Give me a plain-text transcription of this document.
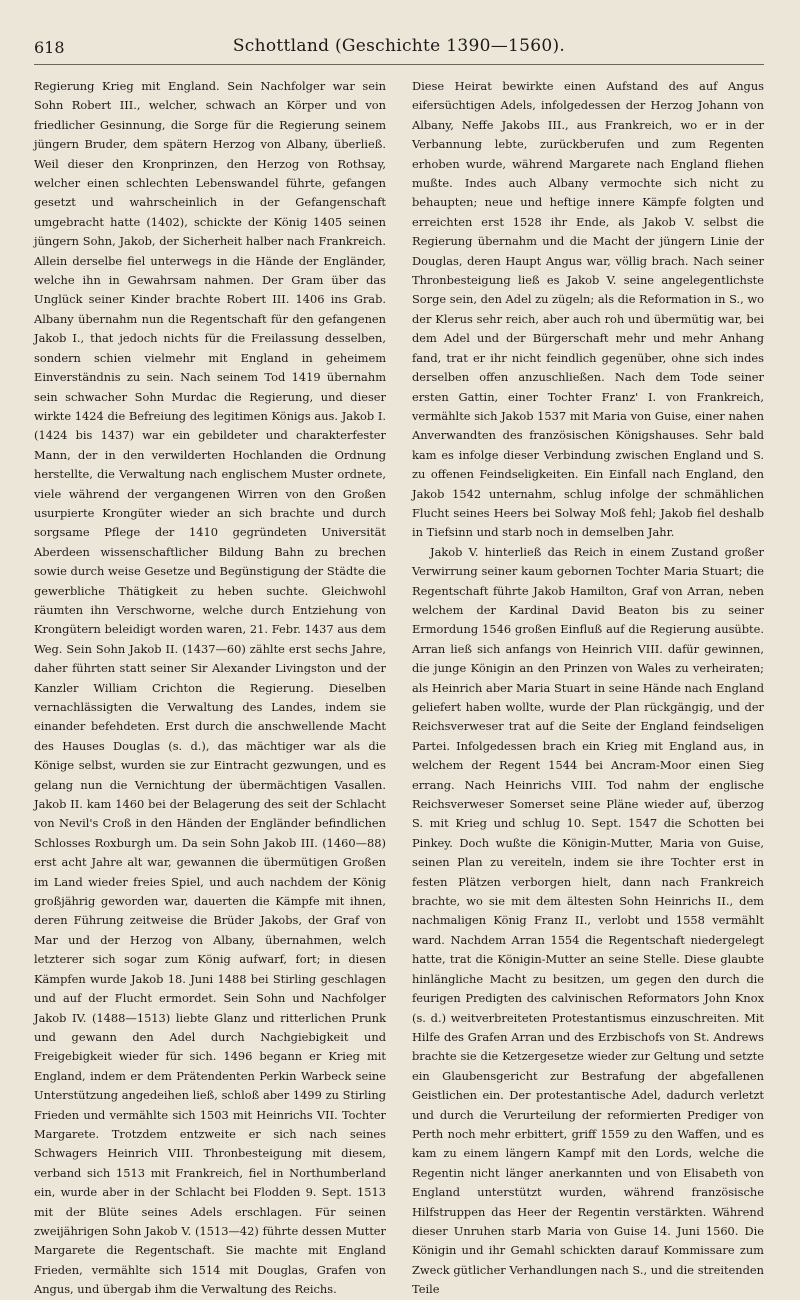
618	Schottland (Geschichte 1390—1560).

Regierung Krieg mit England. Sein Nachfolger war sein Sohn Robert III., welcher, schwach an Körper und von friedlicher Gesinnung, die Sorge für die Regierung seinem jüngern Bruder, dem spätern Herzog von Albany, überließ. Weil dieser den Kronprinzen, den Herzog von Rothsay, welcher einen schlechten Lebenswandel führte, gefangen gesetzt und wahrscheinlich in der Gefangenschaft umgebracht hatte (1402), schickte der König 1405 seinen jüngern Sohn, Jakob, der Sicherheit halber nach Frankreich. Allein derselbe fiel unterwegs in die Hände der Engländer, welche ihn in Gewahrsam nahmen. Der Gram über das Unglück seiner Kinder brachte Robert III. 1406 ins Grab. Albany übernahm nun die Regentschaft für den gefangenen Jakob I., that jedoch nichts für die Freilassung desselben, sondern schien vielmehr mit England in geheimem Einverständnis zu sein. Nach seinem Tod 1419 übernahm sein schwacher Sohn Murdac die Regierung, und dieser wirkte 1424 die Befreiung des legitimen Königs aus. Jakob I. (1424 bis 1437) war ein gebildeter und charakterfester Mann, der in den verwilderten Hochlanden die Ordnung herstellte, die Verwaltung nach englischem Muster ordnete, viele während der vergangenen Wirren von den Großen usurpierte Krongüter wieder an sich brachte und durch sorgsame Pflege der 1410 gegründeten Universität Aberdeen wissenschaftlicher Bildung Bahn zu brechen sowie durch weise Gesetze und Begünstigung der Städte die gewerbliche Thätigkeit zu heben suchte. Gleichwohl räumten ihn Verschworne, welche durch Entziehung von Krongütern beleidigt worden waren, 21. Febr. 1437 aus dem Weg. Sein Sohn Jakob II. (1437—60) zählte erst sechs Jahre, daher führten statt seiner Sir Alexander Livingston und der Kanzler William Crichton die Regierung. Dieselben vernachlässigten die Verwaltung des Landes, indem sie einander befehdeten. Erst durch die anschwellende Macht des Hauses Douglas (s. d.), das mächtiger war als die Könige selbst, wurden sie zur Eintracht gezwungen, und es gelang nun die Vernichtung der übermächtigen Vasallen. Jakob II. kam 1460 bei der Belagerung des seit der Schlacht von Nevil's Croß in den Händen der Engländer befindlichen Schlosses Roxburgh um. Da sein Sohn Jakob III. (1460—88) erst acht Jahre alt war, gewannen die übermütigen Großen im Land wieder freies Spiel, und auch nachdem der König großjährig geworden war, dauerten die Kämpfe mit ihnen, deren Führung zeitweise die Brüder Jakobs, der Graf von Mar und der Herzog von Albany, übernahmen, welch letzterer sich sogar zum König aufwarf, fort; in diesen Kämpfen wurde Jakob 18. Juni 1488 bei Stirling geschlagen und auf der Flucht ermordet. Sein Sohn und Nachfolger Jakob IV. (1488—1513) liebte Glanz und ritterlichen Prunk und gewann den Adel durch Nachgiebigkeit und Freigebigkeit wieder für sich. 1496 begann er Krieg mit England, indem er dem Prätendenten Perkin Warbeck seine Unterstützung angedeihen ließ, schloß aber 1499 zu Stirling Frieden und vermählte sich 1503 mit Heinrichs VII. Tochter Margarete. Trotzdem entzweite er sich nach seines Schwagers Heinrich VIII. Thronbesteigung mit diesem, verband sich 1513 mit Frankreich, fiel in Northumberland ein, wurde aber in der Schlacht bei Flodden 9. Sept. 1513 mit der Blüte seines Adels erschlagen. Für seinen zweijährigen Sohn Jakob V. (1513—42) führte dessen Mutter Margarete die Regentschaft. Sie machte mit England Frieden, vermählte sich 1514 mit Douglas, Grafen von Angus, und übergab ihm die Verwaltung des Reichs.

Diese Heirat bewirkte einen Aufstand des auf Angus eifersüchtigen Adels, infolgedessen der Herzog Johann von Albany, Neffe Jakobs III., aus Frankreich, wo er in der Verbannung lebte, zurückberufen und zum Regenten erhoben wurde, während Margarete nach England fliehen mußte. Indes auch Albany vermochte sich nicht zu behaupten; neue und heftige innere Kämpfe folgten und erreichten erst 1528 ihr Ende, als Jakob V. selbst die Regierung übernahm und die Macht der jüngern Linie der Douglas, deren Haupt Angus war, völlig brach. Nach seiner Thronbesteigung ließ es Jakob V. seine angelegentlichste Sorge sein, den Adel zu zügeln; als die Reformation in S., wo der Klerus sehr reich, aber auch roh und übermütig war, bei dem Adel und der Bürgerschaft mehr und mehr Anhang fand, trat er ihr nicht feindlich gegenüber, ohne sich indes derselben offen anzuschließen. Nach dem Tode seiner ersten Gattin, einer Tochter Franz' I. von Frankreich, vermählte sich Jakob 1537 mit Maria von Guise, einer nahen Anverwandten des französischen Königshauses. Sehr bald kam es infolge dieser Verbindung zwischen England und S. zu offenen Feindseligkeiten. Ein Einfall nach England, den Jakob 1542 unternahm, schlug infolge der schmählichen Flucht seines Heers bei Solway Moß fehl; Jakob fiel deshalb in Tiefsinn und starb noch in demselben Jahr.

Jakob V. hinterließ das Reich in einem Zustand großer Verwirrung seiner kaum gebornen Tochter Maria Stuart; die Regentschaft führte Jakob Hamilton, Graf von Arran, neben welchem der Kardinal David Beaton bis zu seiner Ermordung 1546 großen Einfluß auf die Regierung ausübte. Arran ließ sich anfangs von Heinrich VIII. dafür gewinnen, die junge Königin an den Prinzen von Wales zu verheiraten; als Heinrich aber Maria Stuart in seine Hände nach England geliefert haben wollte, wurde der Plan rückgängig, und der Reichsverweser trat auf die Seite der England feindseligen Partei. Infolgedessen brach ein Krieg mit England aus, in welchem der Regent 1544 bei Ancram-Moor einen Sieg errang. Nach Heinrichs VIII. Tod nahm der englische Reichsverweser Somerset seine Pläne wieder auf, überzog S. mit Krieg und schlug 10. Sept. 1547 die Schotten bei Pinkey. Doch wußte die Königin-Mutter, Maria von Guise, seinen Plan zu vereiteln, indem sie ihre Tochter erst in festen Plätzen verborgen hielt, dann nach Frankreich brachte, wo sie mit dem ältesten Sohn Heinrichs II., dem nachmaligen König Franz II., verlobt und 1558 vermählt ward. Nachdem Arran 1554 die Regentschaft niedergelegt hatte, trat die Königin-Mutter an seine Stelle. Diese glaubte hinlängliche Macht zu besitzen, um gegen den durch die feurigen Predigten des calvinischen Reformators John Knox (s. d.) weitverbreiteten Protestantismus einzuschreiten. Mit Hilfe des Grafen Arran und des Erzbischofs von St. Andrews brachte sie die Ketzergesetze wieder zur Geltung und setzte ein Glaubensgericht zur Bestrafung der abgefallenen Geistlichen ein. Der protestantische Adel, dadurch verletzt und durch die Verurteilung der reformierten Prediger von Perth noch mehr erbittert, griff 1559 zu den Waffen, und es kam zu einem längern Kampf mit den Lords, welche die Regentin nicht länger anerkannten und von Elisabeth von England unterstützt wurden, während französische Hilfstruppen das Heer der Regentin verstärkten. Während dieser Unruhen starb Maria von Guise 14. Juni 1560. Die Königin und ihr Gemahl schickten darauf Kommissare zum Zweck gütlicher Verhandlungen nach S., und die streitenden Teile
